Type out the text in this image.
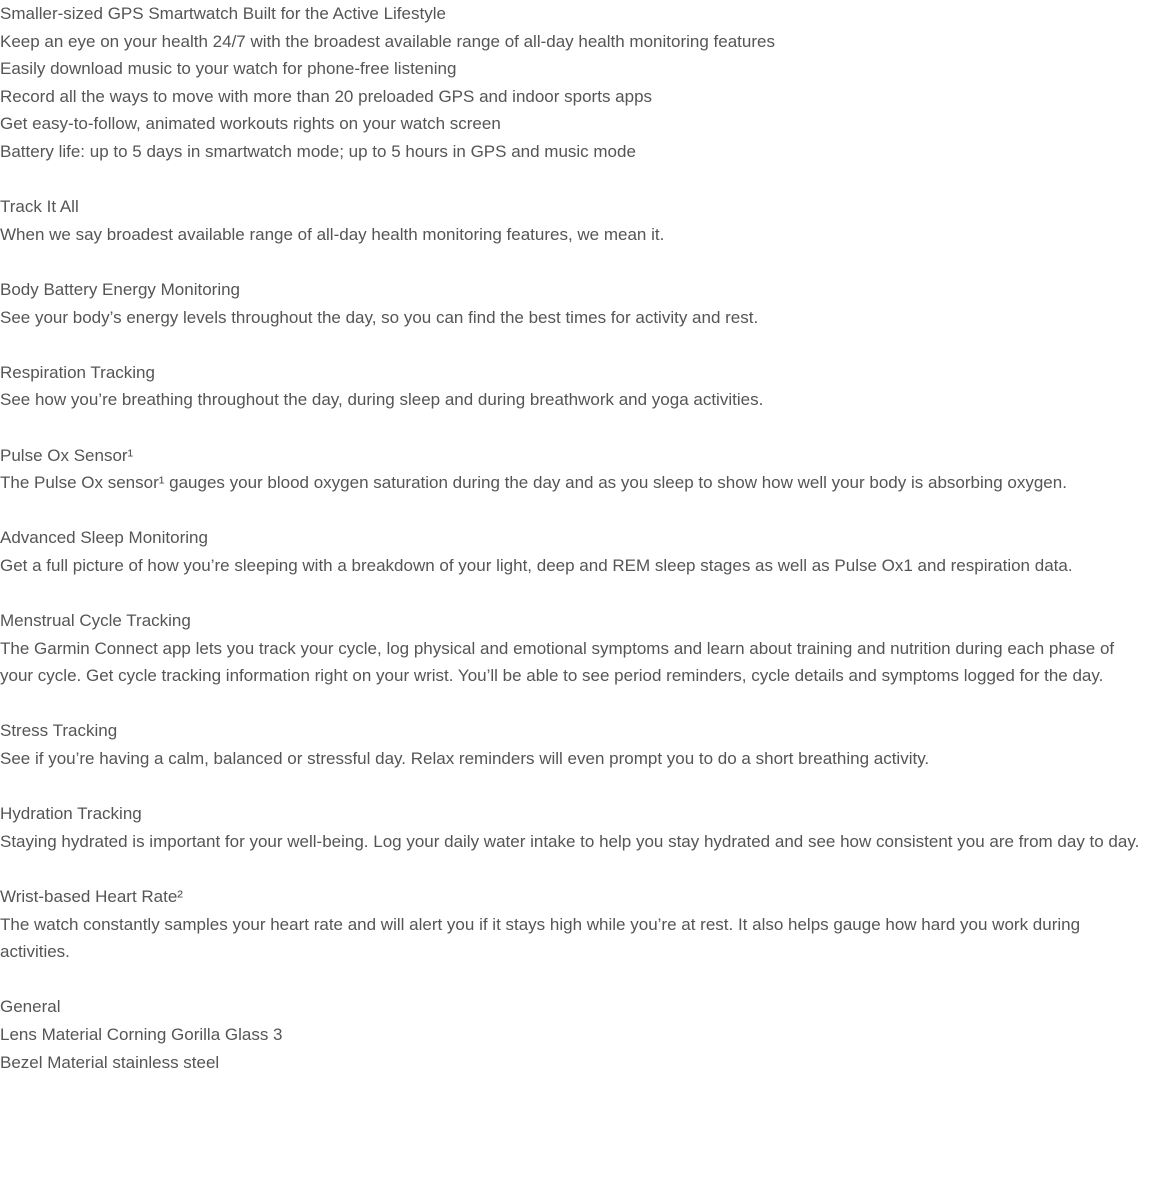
Smaller-sized GPS Smartwatch Built for the Active Lifestyle
Keep an eye on your health 24/7 with the broadest available range of all-day health monitoring features
Easily download music to your watch for phone-free listening
Record all the ways to move with more than 20 preloaded GPS and indoor sports apps
Get easy-to-follow, animated workouts rights on your watch screen
Battery life: up to 5 days in smartwatch mode; up to 5 hours in GPS and music mode
Track It All
When we say broadest available range of all-day health monitoring features, we mean it.
Body Battery Energy Monitoring
See your body’s energy levels throughout the day, so you can find the best times for activity and rest.
Respiration Tracking
See how you’re breathing throughout the day, during sleep and during breathwork and yoga activities.
Pulse Ox Sensor¹
The Pulse Ox sensor¹ gauges your blood oxygen saturation during the day and as you sleep to show how well your body is absorbing oxygen.
Advanced Sleep Monitoring
Get a full picture of how you’re sleeping with a breakdown of your light, deep and REM sleep stages as well as Pulse Ox1 and respiration data.
Menstrual Cycle Tracking
The Garmin Connect app lets you track your cycle, log physical and emotional symptoms and learn about training and nutrition during each phase of your cycle. Get cycle tracking information right on your wrist. You’ll be able to see period reminders, cycle details and symptoms logged for the day.
Stress Tracking
See if you’re having a calm, balanced or stressful day. Relax reminders will even prompt you to do a short breathing activity.
Hydration Tracking
Staying hydrated is important for your well-being. Log your daily water intake to help you stay hydrated and see how consistent you are from day to day.
Wrist-based Heart Rate²
The watch constantly samples your heart rate and will alert you if it stays high while you’re at rest. It also helps gauge how hard you work during activities.
General
Lens Material Corning Gorilla Glass 3
Bezel Material stainless steel
